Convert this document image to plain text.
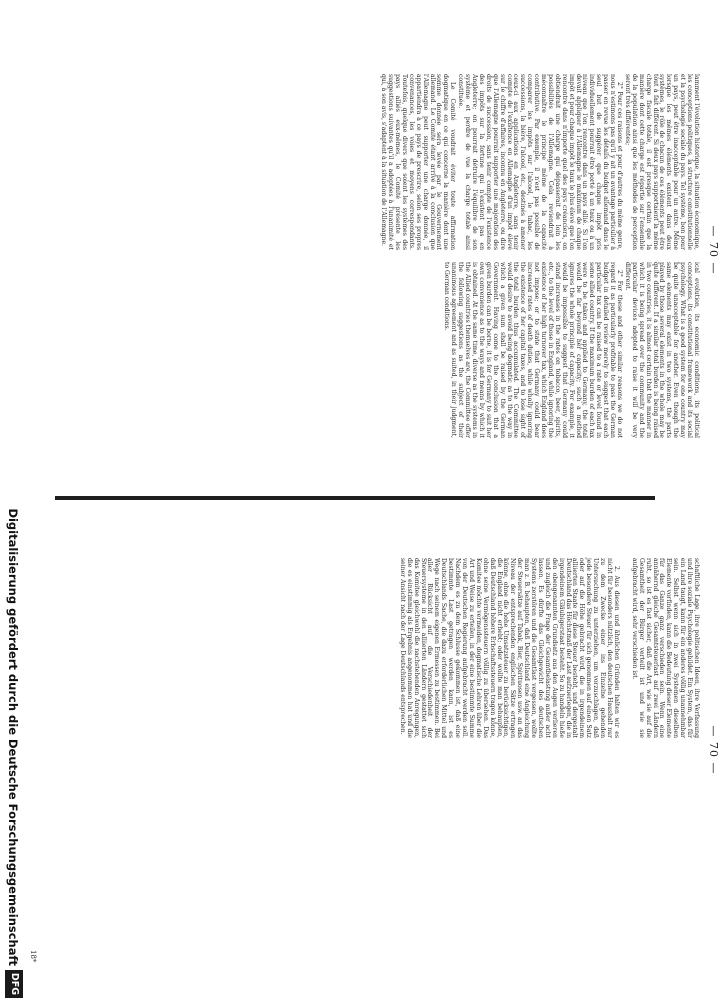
— 70 —

lamment l'évolution historique, la situation économique, les conceptions politiques, la structure constitutionnelle et la psychologie sociale du pays. Tel système, bon pour un pays, peut être inacceptable pour un autre. Même lorsque les mêmes éléments existent dans deux systèmes, le rôle de chacun de ces éléments peut être tout à fait différent. Si deux pays supportaient la même charge fiscale totale, il est presque certain que la manière dont cette charge est répartie sur l'ensemble de la population ainsi que les méthodes de perception seront très différentes;

2° Pour ces raisons et pour d'autres du même genre, nous n'estimons pas qu'il y ait un avantage particulier à passer en revue les détails du budget allemand dans le seul but de suggérer que chaque impôt pris individuellement pourrait être porté à un taux ou à un niveau que l'on rencontre dans un pays allié. Si l'on devait appliquer à l'Allemagne le maximum de chaque impôt et pour chaque impôt le taux le plus élevé que l'on rencontre dans n'importe quel des pays créanciers, on obtiendrait une charge qui dépasserait de loin les possibilités de l'Allemagne. Cela reviendrait à méconnaître le principe même de la capacité contributive. Par exemple, il n'est pas possible de comparer les impôts sur l'alcool, le tabac, les successions, la bière, l'alcool, etc., destinés à amener ceux-ci aux applications en Angleterre, sans tenir compte de l'existence en Allemagne d'un impôt élevé sur le chiffre d'affaires, inconnu en Angleterre, ou dire que l'Allemagne pourrait supporter une majoration des droits de succession, sans tenir compte de l'existence des impôts sur la fortune qui n'existent pas en Angleterre; on pourrait détruire l'équilibre de son système et perdre de vue la charge totale ainsi constituée.

Le Comité voudrait éviter toute affirmation dogmatique en ce qui concerne la manière dont une somme donnée sera levée par le Gouvernement allemand. Le Comité étant arrivé à la conclusion que l'Allemagne peut supporter une charge donnée, il appartiendra à ce pays de prescrire, selon ses propres convenances, les voies et moyens correspondants. Toutefois, quelque divers que soient les systèmes des pays alliés eux-mêmes, le Comité présente les suggestions suivantes qu'il a adoptées à l'unanimité et qui, à son avis, s'adaptent à la situation de l'Allemagne.

ical evolution, its economic conditions, its political conceptions, its constitutional framework and its social psychology. What is a good system for one country may be quite unacceptable for another. Even though the same elements may exist in two systems, the parts played by those several elements in the whole may be quite different. If a similar total burden is being raised in two countries, it is almost certain that the manner in which it is being spread over the community and the particular devices adopted to raise it will be very different.

2° For these and other similar reasons we do not regard it as particularly profitable to pass the German budget in detailed review merely to suggest that each particular tax can be raised to a rate or level found in some allied country. If the maximum burden of each tax were to be taken and applied to Germany, the total would be far beyond her capacity; such a method ignores the whole principle of capacity. For example, it would be impossible to suggest that Germany could stand increases in the rates on tobacco, beer, spirits, etc., to the level of those in England, while ignoring the existence of her high turnover tax, which England does not impose; or to state that Germany could bear increased rates of death duties, while wholly ignoring the existence of her capital taxes, and to lose sight of the total burden thus accumulated. The Committee would desire to avoid being dogmatic as to the way in which a given sum shall be raised by the German Government. Having come to the conclusion that a given burden can be borne, it is for Germany to suit her own convenience as to the ways and means by which it is obtained. At the same time, diverse as the systems in the Allied countries themselves are, the Committee offer the following suggestions as the subject of their unanimous agreement and as suited, in their judgment, to German conditions.

— 70 —

schaftliche Lage, ihre politischen Ideen, ihre Verfassung und ihre soziale Psychologie gebildet. Ein System, das für ein Land taugt, kann für ein anderes völlig unannehmbar sein. Selbst wenn sich in zwei Systemen dieselben Elemente vorfinden, kann die Bedeutung dieser Elemente für das Ganze ganz verschieden sein. Wenn eine annähernd gleiche Gesamtsteuerlast auf zwei Ländern ruht, so ist es fast sicher, daß die Art, wie sie auf die Gesamtheit der Bürger verteilt ist und wie sie aufgebracht wird, sehr verschieden ist.

2. Aus diesen und ähnlichen Gründen halten wir es nicht für besonders nützlich, den deutschen Haushalt nur zu dem Zwecke einer ins Einzelne gehenden Untersuchung zu unterziehen, um vorzuschlagen, daß jede besondere Steuer für sich genommen auf einen Satz oder auf die Höhe gebracht wird, die in irgendeinem alliierten Staate für diese Steuer besteht, und dergestalt Deutschland das Höchstmaß der Last aufzuerlegen, die in irgendeinem Gläubigerstaat besteht. So zu handeln hieße den obengenannten Grundsatz aus den Augen verlieren und zugleich die Frage der Gesamtbelastung außer acht lassen. Es dürfte das Gleichgewicht des deutschen Systems zerstören und die Gesamtlast vergessen, wollte man z. B. behaupten, daß Deutschland eine Angleichung der Steuersätze auf Tabak, Bier, Spirituosen usw. an das Niveau der entsprechenden englischen Sätze ertragen könne, ohne die hohe Umsatzsteuer zu berücksichtigen, die England nicht erhebt; oder wollte man behaupten, daß Deutschland höhere Erbschaftssteuern tragen könne, ohne seine Vermögenssteuern völlig zu übersehen. Das Komitee möchte vermeiden, dogmatische Lehren über die Art und Weise zu erteilen, in der eine bestimmte Summe von der Deutschen Regierung aufgebracht werden soll. Nachdem es zu dem Schlusse gekommen ist, daß eine bestimmte Last getragen werden kann, ist es Deutschlands Sache, die dazu erforderlichen Mittel und Wege nach seinem eigenen Ermessen zu bestimmen. Bei aller Rücksicht auf die Verschiedenheit der Steuersysteme in den alliierten Ländern gestattet sich das Komitee gleichwohl die nachstehenden Anregungen, die es einstimmig als Ergebnis angenommen hat und die seiner Ansicht nach der Lage Deutschlands entsprechen.

18*
Digitalisierung gefördert durch die Deutsche Forschungsgemeinschaft
DFG
